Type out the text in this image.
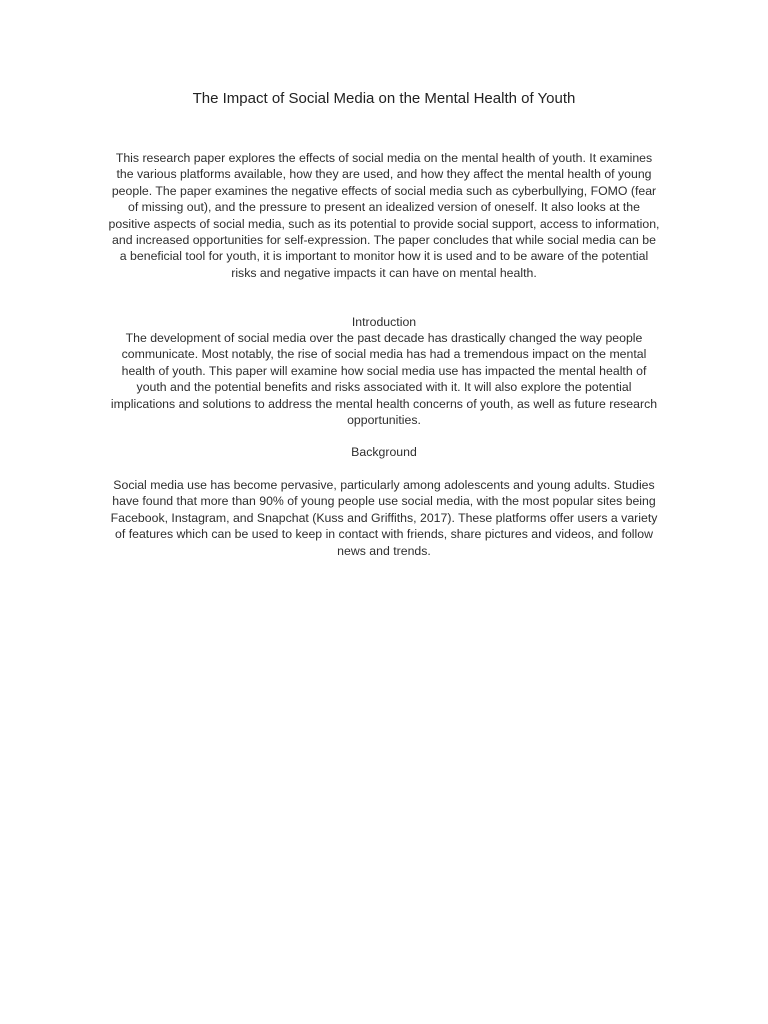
The Impact of Social Media on the Mental Health of Youth

This research paper explores the effects of social media on the mental health of youth. It examines the various platforms available, how they are used, and how they affect the mental health of young people. The paper examines the negative effects of social media such as cyberbullying, FOMO (fear of missing out), and the pressure to present an idealized version of oneself. It also looks at the positive aspects of social media, such as its potential to provide social support, access to information, and increased opportunities for self-expression. The paper concludes that while social media can be a beneficial tool for youth, it is important to monitor how it is used and to be aware of the potential risks and negative impacts it can have on mental health.

Introduction

The development of social media over the past decade has drastically changed the way people communicate. Most notably, the rise of social media has had a tremendous impact on the mental health of youth. This paper will examine how social media use has impacted the mental health of youth and the potential benefits and risks associated with it. It will also explore the potential implications and solutions to address the mental health concerns of youth, as well as future research opportunities.

Background

Social media use has become pervasive, particularly among adolescents and young adults. Studies have found that more than 90% of young people use social media, with the most popular sites being Facebook, Instagram, and Snapchat (Kuss and Griffiths, 2017). These platforms offer users a variety of features which can be used to keep in contact with friends, share pictures and videos, and follow news and trends.
